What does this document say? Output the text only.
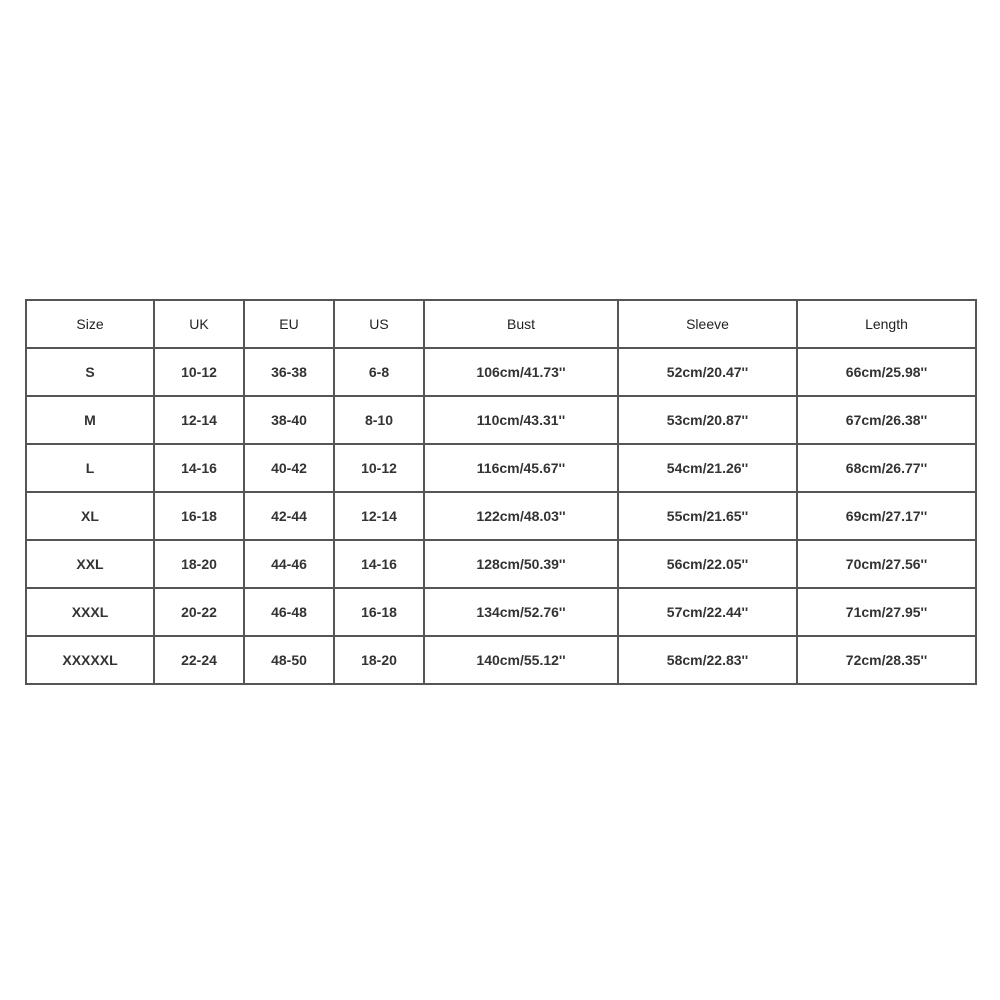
Size	UK	EU	US	Bust	Sleeve	Length
S	10-12	36-38	6-8	106cm/41.73''	52cm/20.47''	66cm/25.98''
M	12-14	38-40	8-10	110cm/43.31''	53cm/20.87''	67cm/26.38''
L	14-16	40-42	10-12	116cm/45.67''	54cm/21.26''	68cm/26.77''
XL	16-18	42-44	12-14	122cm/48.03''	55cm/21.65''	69cm/27.17''
XXL	18-20	44-46	14-16	128cm/50.39''	56cm/22.05''	70cm/27.56''
XXXL	20-22	46-48	16-18	134cm/52.76''	57cm/22.44''	71cm/27.95''
XXXXXL	22-24	48-50	18-20	140cm/55.12''	58cm/22.83''	72cm/28.35''
